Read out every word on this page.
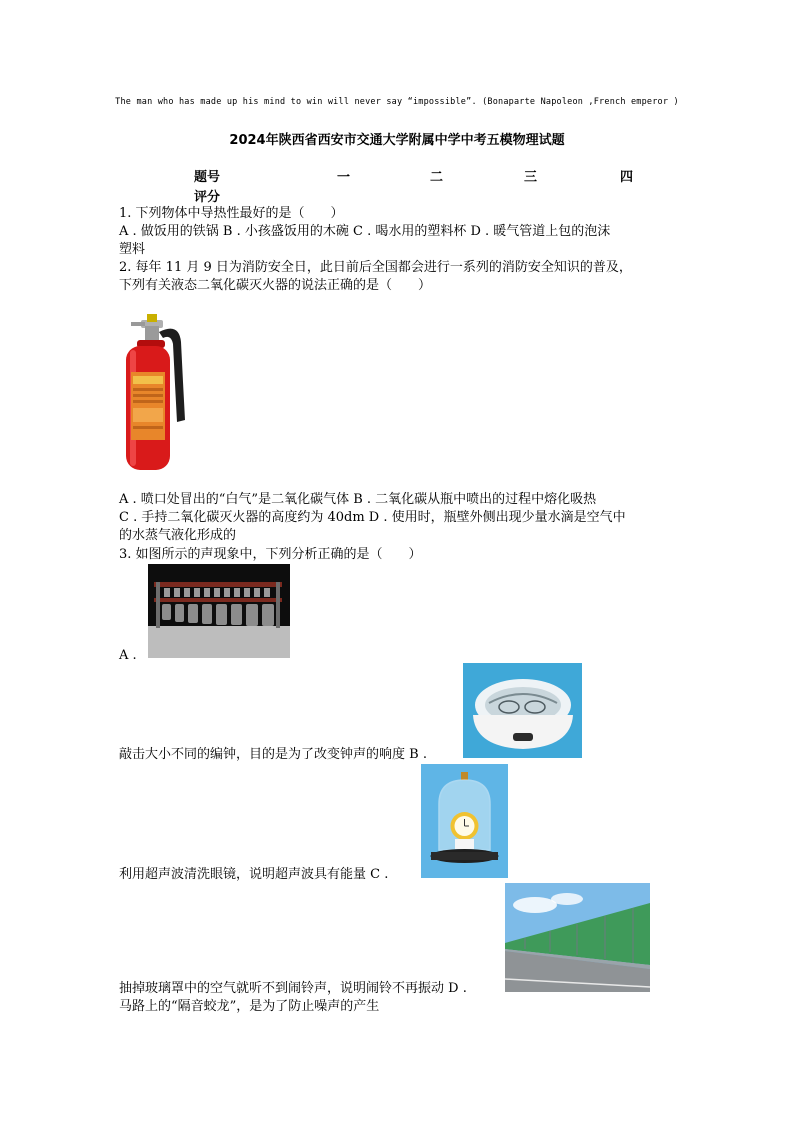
The man who has made up his mind to win will never say “impossible”. (Bonaparte Napoleon ,French emperor )
2024年陕西省西安市交通大学附属中学中考五模物理试题
题号	一	二	三	四
评分
1. 下列物体中导热性最好的是（　　）
A . 做饭用的铁锅 B . 小孩盛饭用的木碗 C . 喝水用的塑料杯 D . 暖气管道上包的泡沫
塑料
2. 每年 11 月 9 日为消防安全日，此日前后全国都会进行一系列的消防安全知识的普及，
下列有关液态二氧化碳灭火器的说法正确的是（　　）
A . 喷口处冒出的“白气”是二氧化碳气体 B . 二氧化碳从瓶中喷出的过程中熔化吸热
C . 手持二氧化碳灭火器的高度约为 40dm D . 使用时，瓶壁外侧出现少量水滴是空气中
的水蒸气液化形成的
3. 如图所示的声现象中，下列分析正确的是（　　）
A .
敲击大小不同的编钟，目的是为了改变钟声的响度 B .
利用超声波清洗眼镜，说明超声波具有能量 C .
抽掉玻璃罩中的空气就听不到闹铃声，说明闹铃不再振动 D .
马路上的“隔音蛟龙”，是为了防止噪声的产生
